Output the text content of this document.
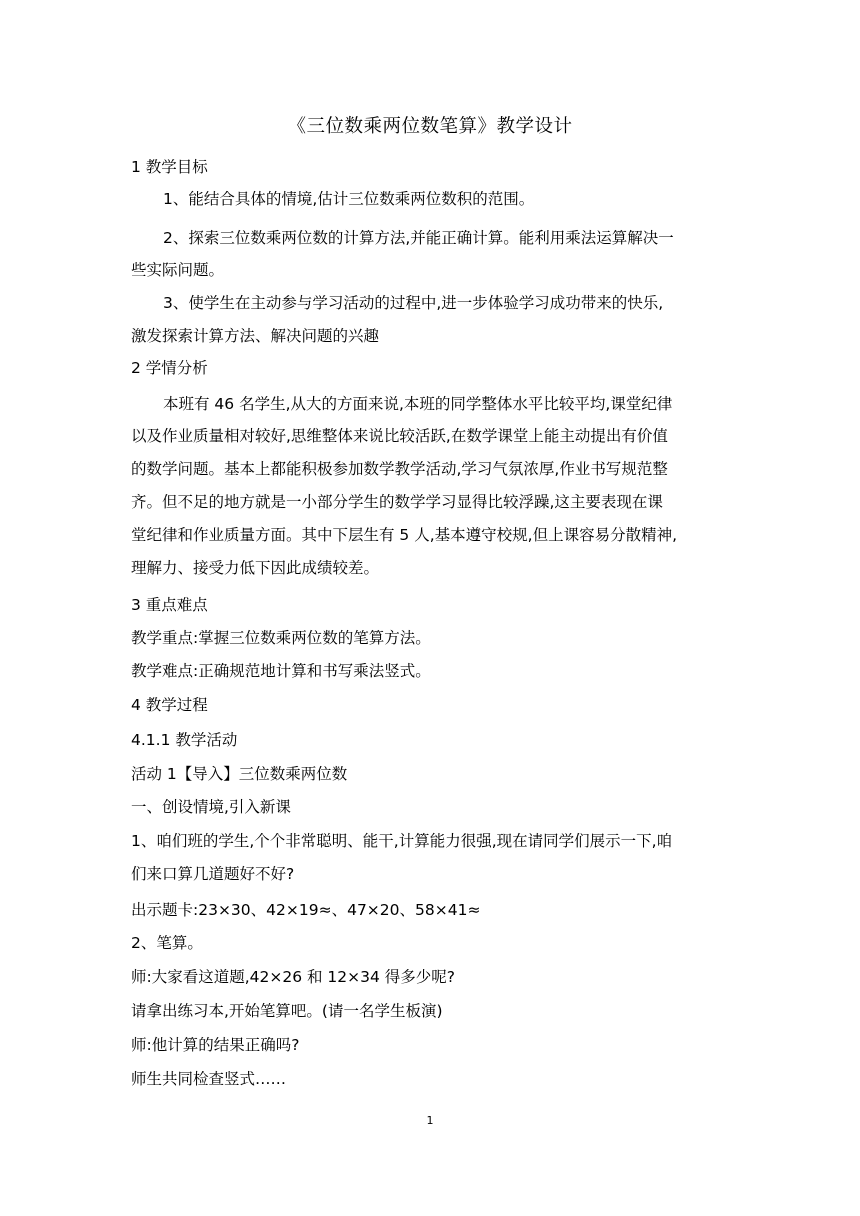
《三位数乘两位数笔算》教学设计
1 教学目标
1、能结合具体的情境,估计三位数乘两位数积的范围。
2、探索三位数乘两位数的计算方法,并能正确计算。能利用乘法运算解决一
些实际问题。
3、使学生在主动参与学习活动的过程中,进一步体验学习成功带来的快乐,
激发探索计算方法、解决问题的兴趣
2 学情分析
本班有 46 名学生,从大的方面来说,本班的同学整体水平比较平均,课堂纪律
以及作业质量相对较好,思维整体来说比较活跃,在数学课堂上能主动提出有价值
的数学问题。基本上都能积极参加数学教学活动,学习气氛浓厚,作业书写规范整
齐。但不足的地方就是一小部分学生的数学学习显得比较浮躁,这主要表现在课
堂纪律和作业质量方面。其中下层生有 5 人,基本遵守校规,但上课容易分散精神,
理解力、接受力低下因此成绩较差。
3 重点难点
教学重点:掌握三位数乘两位数的笔算方法。
教学难点:正确规范地计算和书写乘法竖式。
4 教学过程
4.1.1 教学活动
活动 1【导入】三位数乘两位数
一、创设情境,引入新课
1、咱们班的学生,个个非常聪明、能干,计算能力很强,现在请同学们展示一下,咱
们来口算几道题好不好?
出示题卡:23×30、42×19≈、47×20、58×41≈
2、笔算。
师:大家看这道题,42×26 和 12×34 得多少呢?
请拿出练习本,开始笔算吧。(请一名学生板演)
师:他计算的结果正确吗?
师生共同检查竖式……
1
